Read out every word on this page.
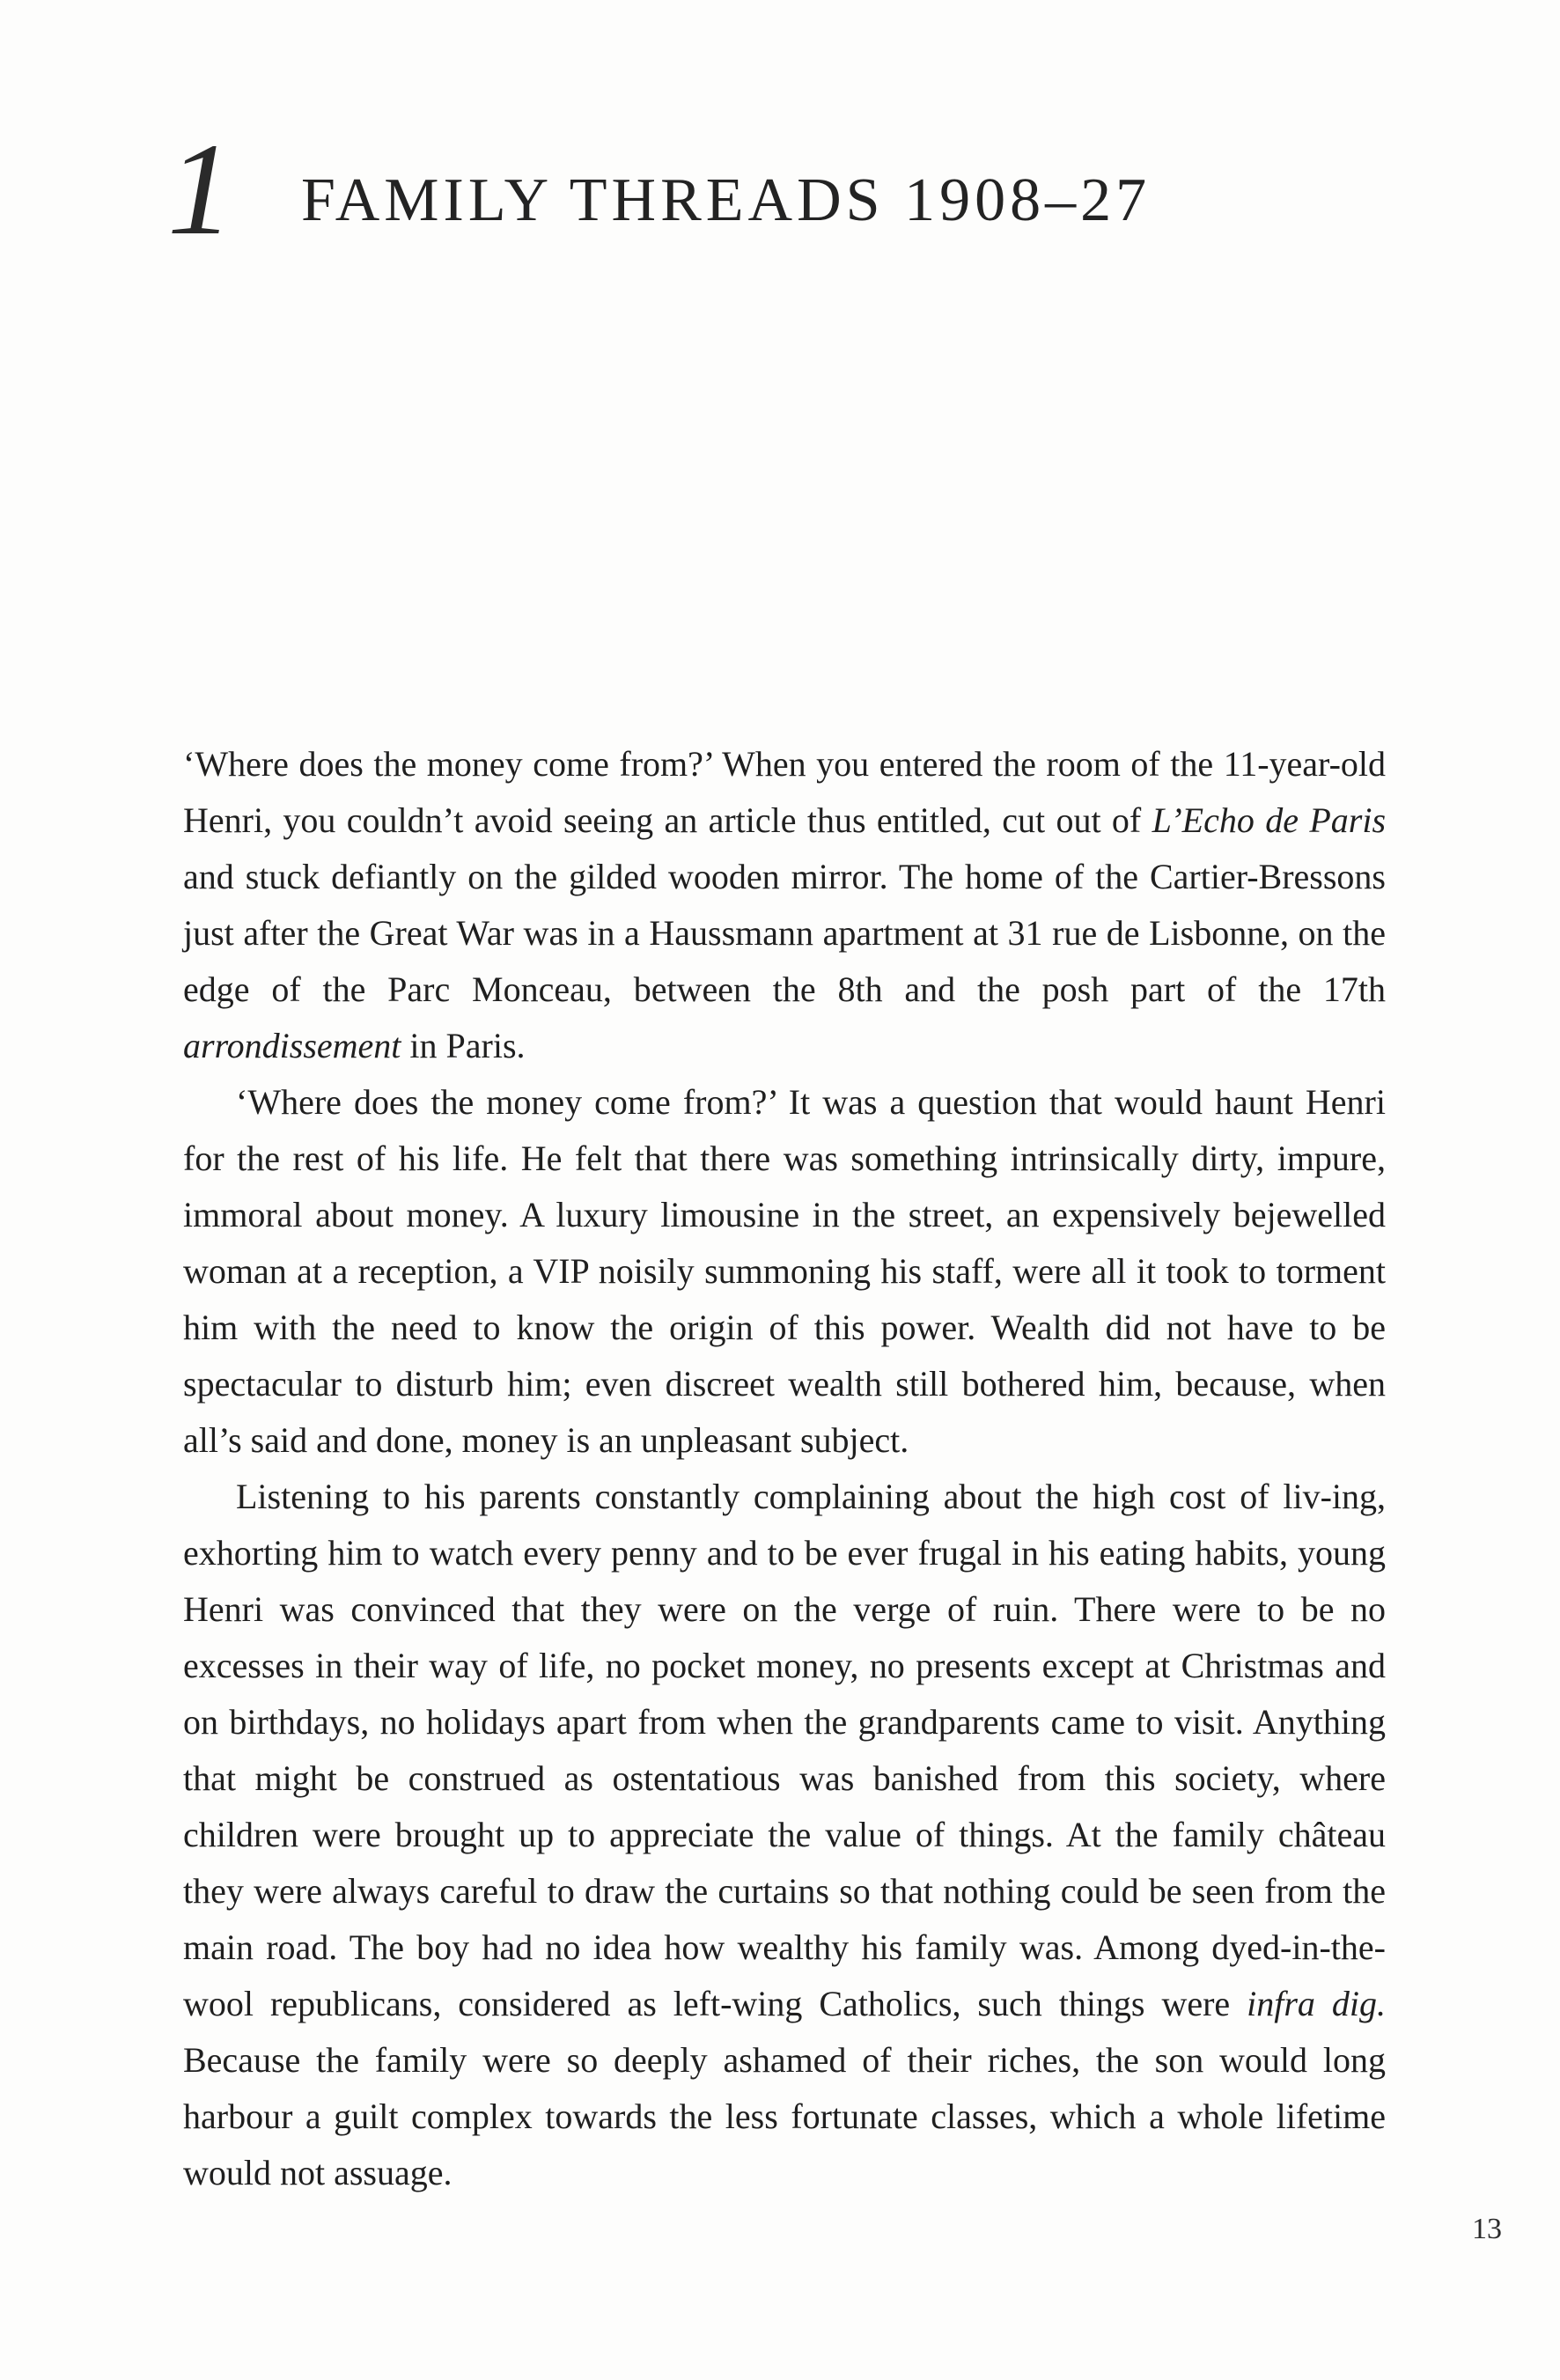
1 FAMILY THREADS 1908–27

‘Where does the money come from?’ When you entered the room of the 11-year-old Henri, you couldn’t avoid seeing an article thus entitled, cut out of L’Echo de Paris and stuck defiantly on the gilded wooden mirror. The home of the Cartier-Bressons just after the Great War was in a Haussmann apartment at 31 rue de Lisbonne, on the edge of the Parc Monceau, between the 8th and the posh part of the 17th arrondissement in Paris.

‘Where does the money come from?’ It was a question that would haunt Henri for the rest of his life. He felt that there was something intrinsically dirty, impure, immoral about money. A luxury limousine in the street, an expensively bejewelled woman at a reception, a VIP noisily summoning his staff, were all it took to torment him with the need to know the origin of this power. Wealth did not have to be spectacular to disturb him; even discreet wealth still bothered him, because, when all’s said and done, money is an unpleasant subject.

Listening to his parents constantly complaining about the high cost of liv-ing, exhorting him to watch every penny and to be ever frugal in his eating habits, young Henri was convinced that they were on the verge of ruin. There were to be no excesses in their way of life, no pocket money, no presents except at Christmas and on birthdays, no holidays apart from when the grandparents came to visit. Anything that might be construed as ostentatious was banished from this society, where children were brought up to appreciate the value of things. At the family château they were always careful to draw the curtains so that nothing could be seen from the main road. The boy had no idea how wealthy his family was. Among dyed-in-the-wool republicans, considered as left-wing Catholics, such things were infra dig. Because the family were so deeply ashamed of their riches, the son would long harbour a guilt complex towards the less fortunate classes, which a whole lifetime would not assuage.

13
